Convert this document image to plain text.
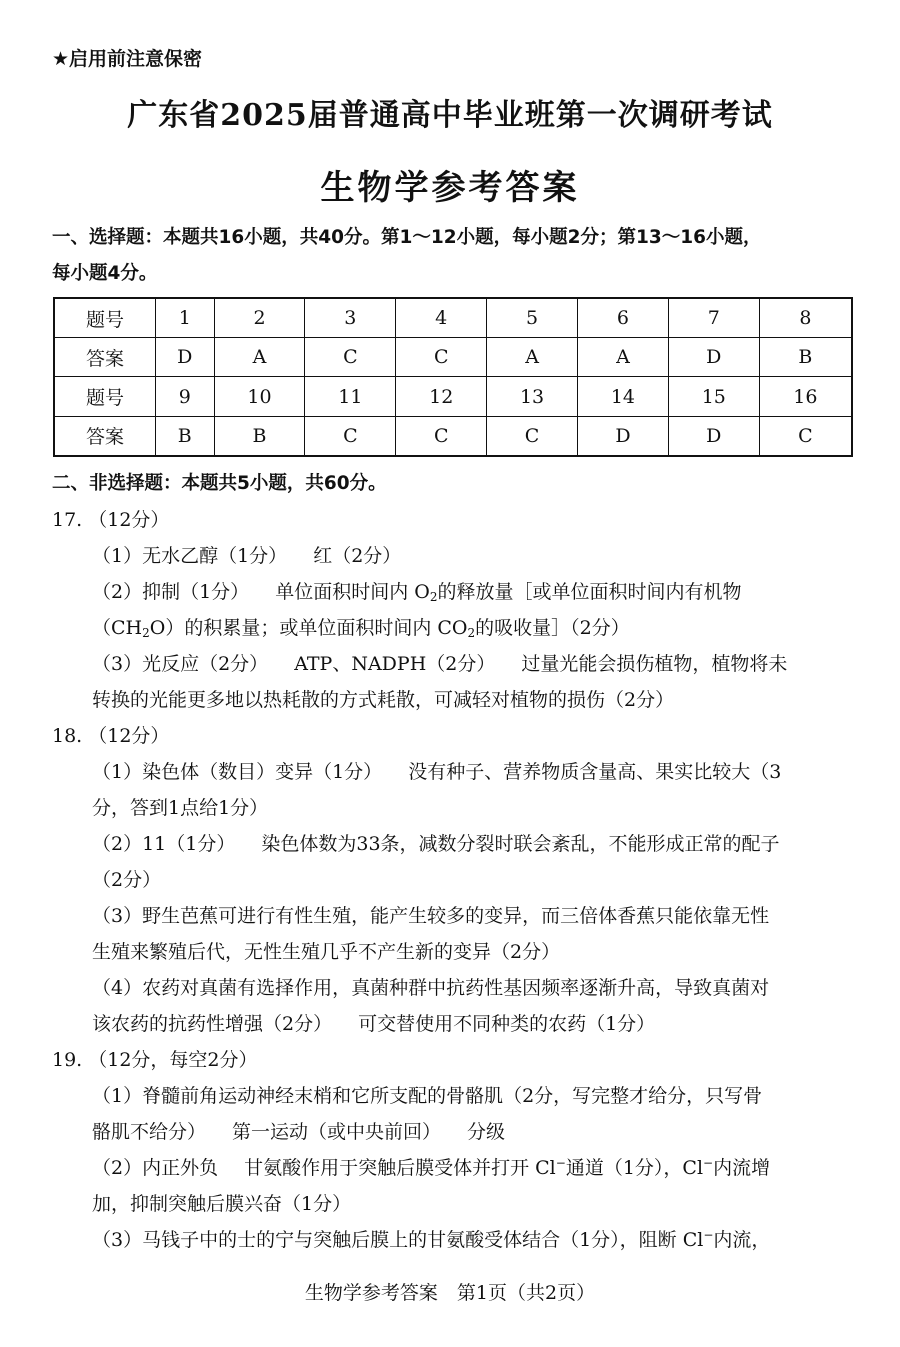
★启用前注意保密
广东省2025届普通高中毕业班第一次调研考试
生物学参考答案
一、选择题：本题共16小题，共40分。第1～12小题，每小题2分；第13～16小题，
每小题4分。
题号	1	2	3	4	5	6	7	8
答案	D	A	C	C	A	A	D	B
题号	9	10	11	12	13	14	15	16
答案	B	B	C	C	C	D	D	C
二、非选择题：本题共5小题，共60分。
17. （12分）
（1）无水乙醇（1分） 红（2分）
（2）抑制（1分） 单位面积时间内 $O_2$的释放量［或单位面积时间内有机物
$(CH_2O)$的积累量；或单位面积时间内 $CO_2$的吸收量］（2分）
（3）光反应（2分） ATP、NADPH（2分） 过量光能会损伤植物，植物将未
转换的光能更多地以热耗散的方式耗散，可减轻对植物的损伤（2分）
18. （12分）
（1）染色体（数目）变异（1分） 没有种子、营养物质含量高、果实比较大（3
分，答到1点给1分）
（2）11（1分） 染色体数为33条，减数分裂时联会紊乱，不能形成正常的配子
（2分）
（3）野生芭蕉可进行有性生殖，能产生较多的变异，而三倍体香蕉只能依靠无性
生殖来繁殖后代，无性生殖几乎不产生新的变异（2分）
（4）农药对真菌有选择作用，真菌种群中抗药性基因频率逐渐升高，导致真菌对
该农药的抗药性增强（2分） 可交替使用不同种类的农药（1分）
19. （12分，每空2分）
（1）脊髓前角运动神经末梢和它所支配的骨骼肌（2分，写完整才给分，只写骨
骼肌不给分） 第一运动（或中央前回） 分级
（2）内正外负 甘氨酸作用于突触后膜受体并打开 Cl−通道（1分），Cl−内流增
加，抑制突触后膜兴奋（1分）
（3）马钱子中的士的宁与突触后膜上的甘氨酸受体结合（1分），阻断 Cl−内流，
生物学参考答案　第1页（共2页）
